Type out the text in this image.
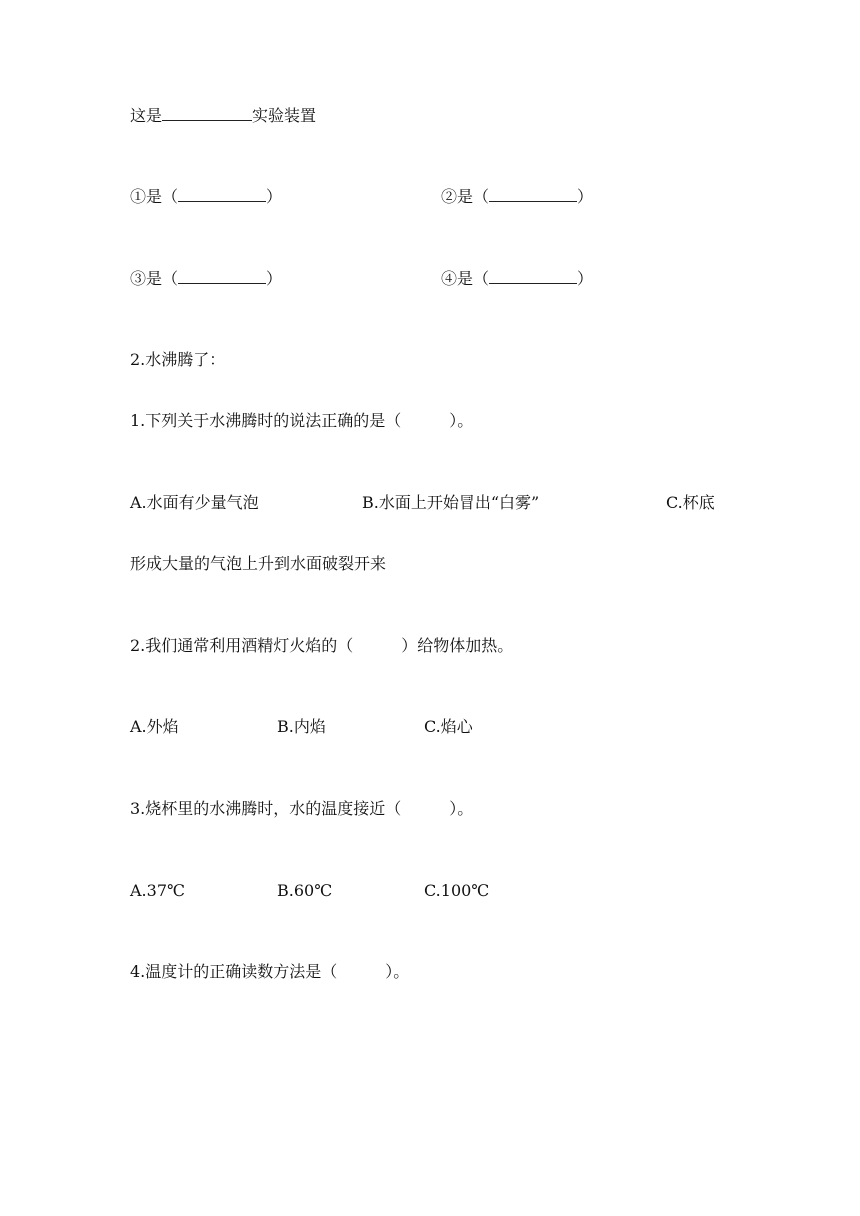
这是	实验装置
①是（	）	②是（	）
③是（	）	④是（	）
2.水沸腾了：
1.下列关于水沸腾时的说法正确的是（　　　）。
A.水面有少量气泡	B.水面上开始冒出“白雾”	C.杯底
形成大量的气泡上升到水面破裂开来
2.我们通常利用酒精灯火焰的（　　　）给物体加热。
A.外焰	B.内焰	C.焰心
3.烧杯里的水沸腾时，水的温度接近（　　　）。
A.37℃	B.60℃	C.100℃
4.温度计的正确读数方法是（　　　）。
